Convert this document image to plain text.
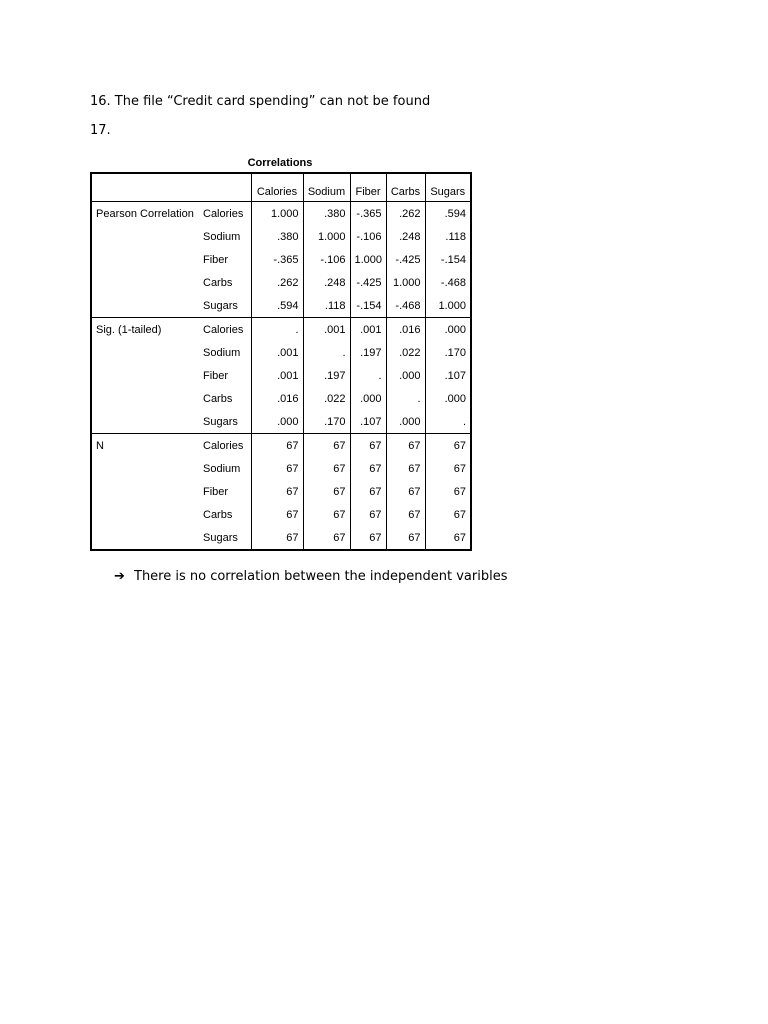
16. The file “Credit card spending” can not be found
17.
Correlations
		Calories	Sodium	Fiber	Carbs	Sugars
Pearson Correlation	Calories	1.000	.380	-.365	.262	.594
	Sodium	.380	1.000	-.106	.248	.118
	Fiber	-.365	-.106	1.000	-.425	-.154
	Carbs	.262	.248	-.425	1.000	-.468
	Sugars	.594	.118	-.154	-.468	1.000
Sig. (1-tailed)	Calories	.	.001	.001	.016	.000
	Sodium	.001	.	.197	.022	.170
	Fiber	.001	.197	.	.000	.107
	Carbs	.016	.022	.000	.	.000
	Sugars	.000	.170	.107	.000	.
N	Calories	67	67	67	67	67
	Sodium	67	67	67	67	67
	Fiber	67	67	67	67	67
	Carbs	67	67	67	67	67
	Sugars	67	67	67	67	67
➔ There is no correlation between the independent varibles
